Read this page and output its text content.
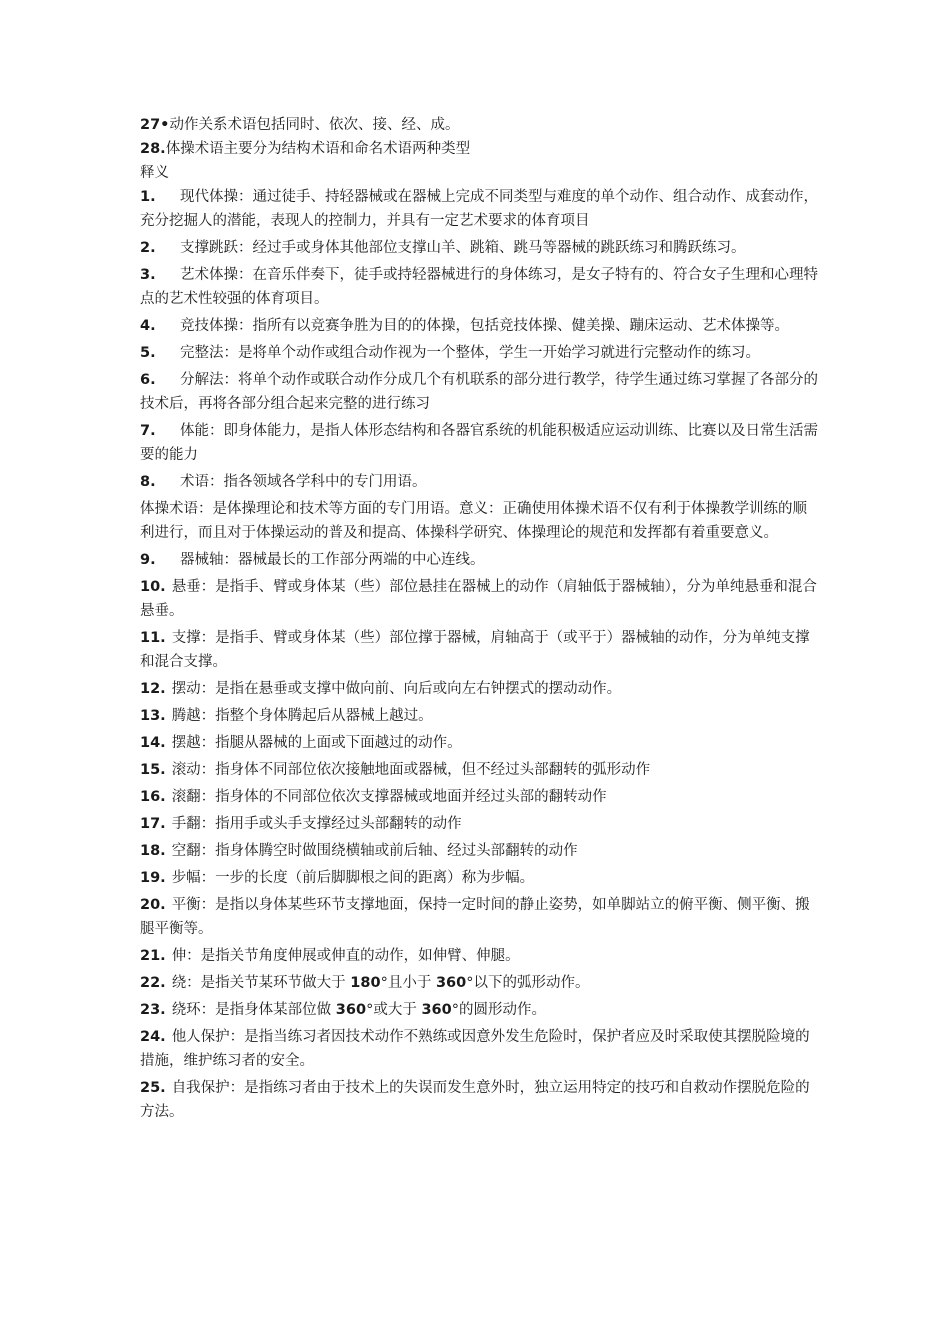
27•动作关系术语包括同时、依次、接、经、成。

28.体操术语主要分为结构术语和命名术语两种类型

释义

1. 现代体操：通过徒手、持轻器械或在器械上完成不同类型与难度的单个动作、组合动作、成套动作，充分挖掘人的潜能，表现人的控制力，并具有一定艺术要求的体育项目

2. 支撑跳跃：经过手或身体其他部位支撑山羊、跳箱、跳马等器械的跳跃练习和腾跃练习。

3. 艺术体操：在音乐伴奏下，徒手或持轻器械进行的身体练习，是女子特有的、符合女子生理和心理特点的艺术性较强的体育项目。

4. 竞技体操：指所有以竞赛争胜为目的的体操，包括竞技体操、健美操、蹦床运动、艺术体操等。

5. 完整法：是将单个动作或组合动作视为一个整体，学生一开始学习就进行完整动作的练习。

6. 分解法：将单个动作或联合动作分成几个有机联系的部分进行教学，待学生通过练习掌握了各部分的技术后，再将各部分组合起来完整的进行练习

7. 体能：即身体能力，是指人体形态结构和各器官系统的机能积极适应运动训练、比赛以及日常生活需要的能力

8. 术语：指各领域各学科中的专门用语。

体操术语：是体操理论和技术等方面的专门用语。意义：正确使用体操术语不仅有利于体操教学训练的顺利进行，而且对于体操运动的普及和提高、体操科学研究、体操理论的规范和发挥都有着重要意义。

9. 器械轴：器械最长的工作部分两端的中心连线。

10. 悬垂：是指手、臂或身体某（些）部位悬挂在器械上的动作（肩轴低于器械轴），分为单纯悬垂和混合悬垂。

11. 支撑：是指手、臂或身体某（些）部位撑于器械，肩轴高于（或平于）器械轴的动作，分为单纯支撑和混合支撑。

12. 摆动：是指在悬垂或支撑中做向前、向后或向左右钟摆式的摆动动作。

13. 腾越：指整个身体腾起后从器械上越过。

14. 摆越：指腿从器械的上面或下面越过的动作。

15. 滚动：指身体不同部位依次接触地面或器械，但不经过头部翻转的弧形动作

16. 滚翻：指身体的不同部位依次支撑器械或地面并经过头部的翻转动作

17. 手翻：指用手或头手支撑经过头部翻转的动作

18. 空翻：指身体腾空时做围绕横轴或前后轴、经过头部翻转的动作

19. 步幅：一步的长度（前后脚脚根之间的距离）称为步幅。

20. 平衡：是指以身体某些环节支撑地面，保持一定时间的静止姿势，如单脚站立的俯平衡、侧平衡、搬腿平衡等。

21. 伸：是指关节角度伸展或伸直的动作，如伸臂、伸腿。

22. 绕：是指关节某环节做大于 180°且小于 360°以下的弧形动作。

23. 绕环：是指身体某部位做 360°或大于 360°的圆形动作。

24. 他人保护：是指当练习者因技术动作不熟练或因意外发生危险时，保护者应及时采取使其摆脱险境的措施，维护练习者的安全。

25. 自我保护：是指练习者由于技术上的失误而发生意外时，独立运用特定的技巧和自救动作摆脱危险的方法。
